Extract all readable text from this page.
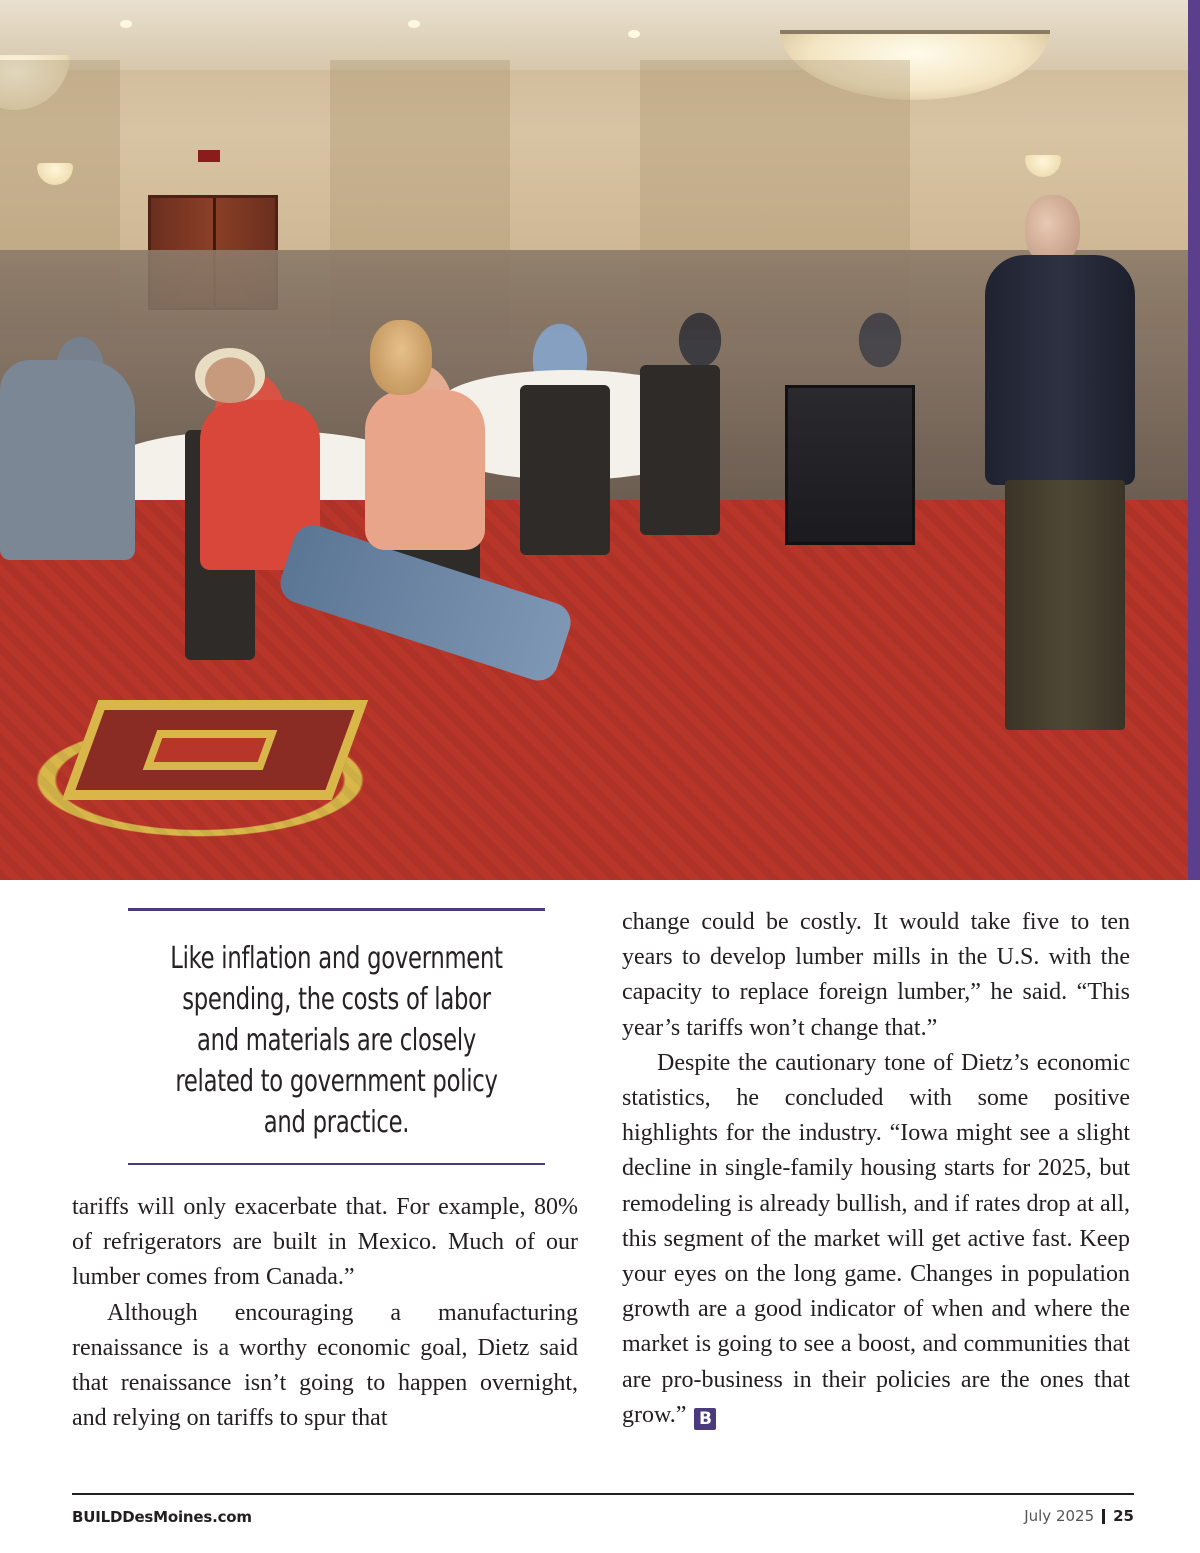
Like inflation and government spending, the costs of labor and materials are closely related to government policy and practice.

tariffs will only exacerbate that. For example, 80% of refrigerators are built in Mexico. Much of our lumber comes from Canada.”

Although encouraging a manufacturing renaissance is a worthy economic goal, Dietz said that renaissance isn’t going to happen overnight, and relying on tariffs to spur that

change could be costly. It would take five to ten years to develop lumber mills in the U.S. with the capacity to replace foreign lumber,” he said. “This year’s tariffs won’t change that.”

Despite the cautionary tone of Dietz’s economic statistics, he concluded with some positive highlights for the industry. “Iowa might see a slight decline in single-family housing starts for 2025, but remodeling is already bullish, and if rates drop at all, this segment of the market will get active fast. Keep your eyes on the long game. Changes in population growth are a good indicator of when and where the market is going to see a boost, and communities that are pro-business in their policies are the ones that grow.” B

BUILDDesMoines.com	July 2025 25
